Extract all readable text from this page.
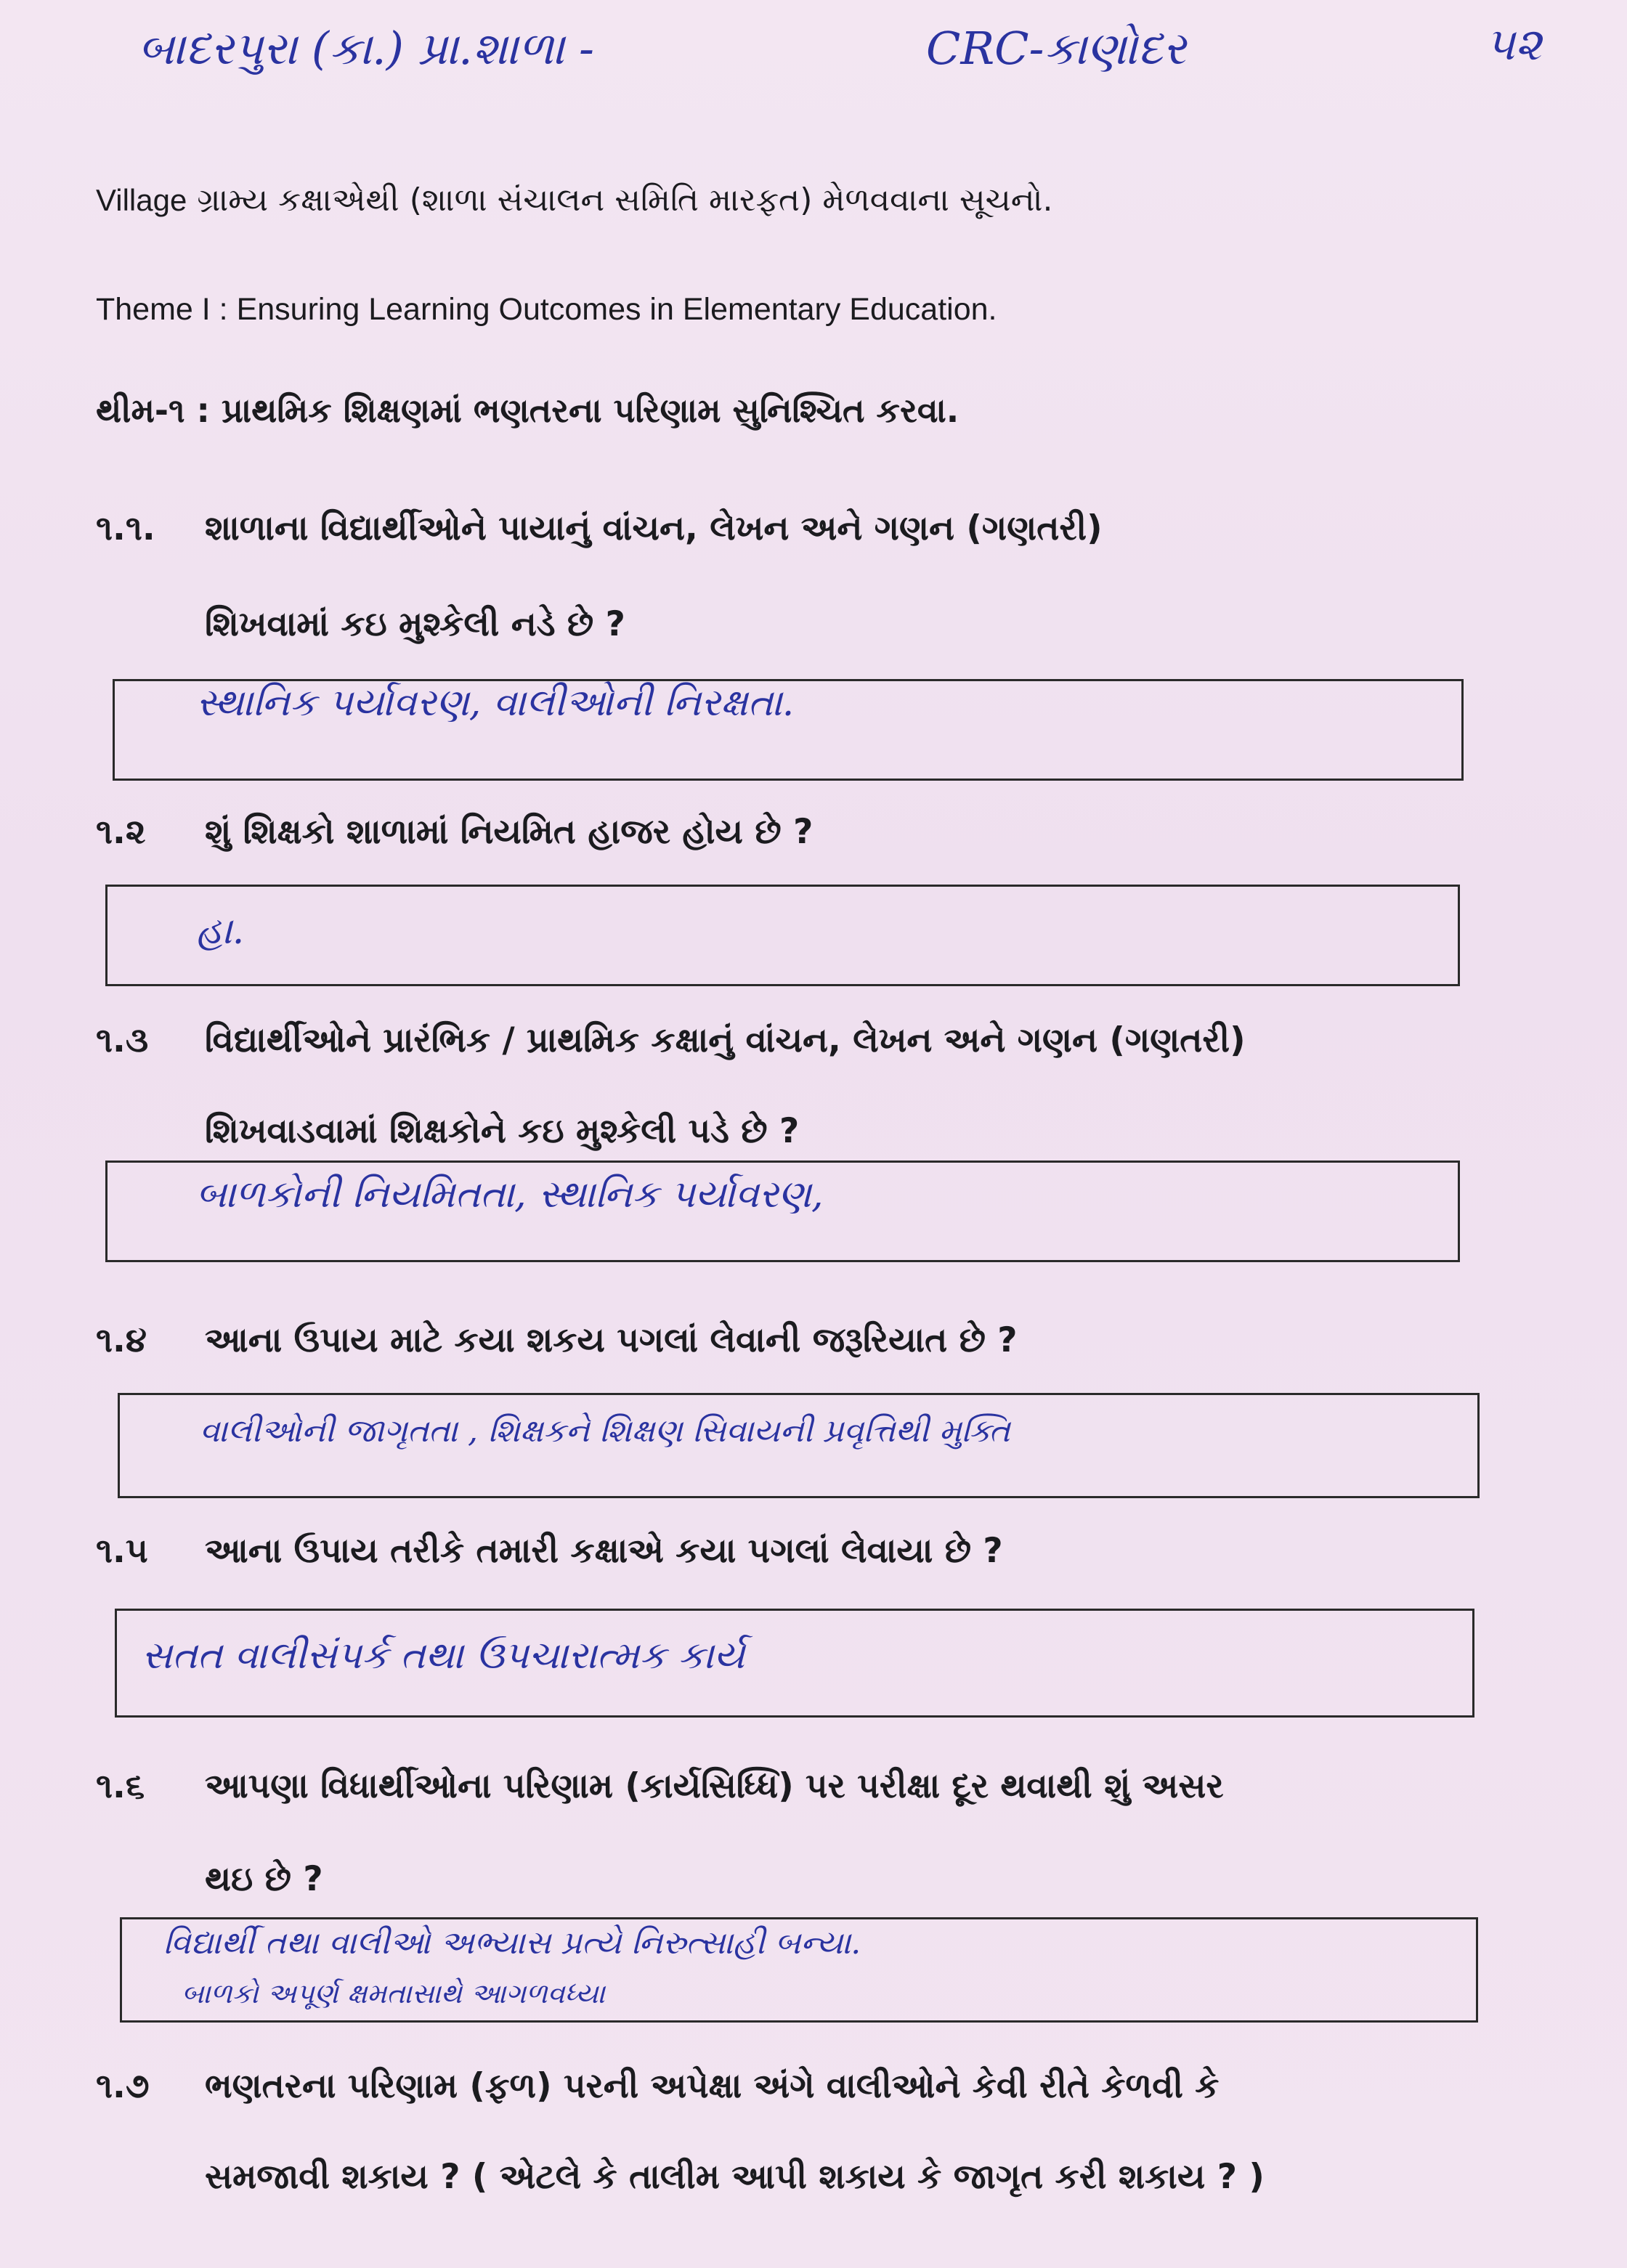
બાદરપુરા (કા.) પ્રા.શાળા -	CRC-કાણોદર	૫૨
Village ગ્રામ્ય કક્ષાએથી (શાળા સંચાલન સમિતિ મારફત) મેળવવાના સૂચનો.
Theme I : Ensuring Learning Outcomes in Elementary Education.
થીમ-૧ : પ્રાથમિક શિક્ષણમાં ભણતરના પરિણામ સુનિશ્ચિત કરવા.
૧.૧. શાળાના વિદ્યાર્થીઓને પાયાનું વાંચન, લેખન અને ગણન (ગણતરી)
શિખવામાં કઇ મુશ્કેલી નડે છે ?
સ્થાનિક પર્યાવરણ, વાલીઓની નિરક્ષતા.
૧.૨ શું શિક્ષકો શાળામાં નિયમિત હાજર હોય છે ?
હા.
૧.૩ વિદ્યાર્થીઓને પ્રારંભિક / પ્રાથમિક કક્ષાનું વાંચન, લેખન અને ગણન (ગણતરી)
શિખવાડવામાં શિક્ષકોને કઇ મુશ્કેલી પડે છે ?
બાળકોની નિયમિતતા, સ્થાનિક પર્યાવરણ,
૧.૪ આના ઉપાય માટે કયા શકય પગલાં લેવાની જરૂરિયાત છે ?
વાલીઓની જાગૃતતા , શિક્ષકને શિક્ષણ સિવાયની પ્રવૃત્તિથી મુક્તિ
૧.૫ આના ઉપાય તરીકે તમારી કક્ષાએ કયા પગલાં લેવાયા છે ?
સતત વાલીસંપર્ક તથા ઉપચારાત્મક કાર્ય
૧.૬ આપણા વિધાર્થીઓના પરિણામ (કાર્યસિધ્ધિ) પર પરીક્ષા દૂર થવાથી શું અસર
થઇ છે ?
વિદ્યાર્થી તથા વાલીઓ અભ્યાસ પ્રત્યે નિરુત્સાહી બન્યા.
બાળકો અપૂર્ણ ક્ષમતાસાથે આગળવધ્યા
૧.૭ ભણતરના પરિણામ (ફળ) પરની અપેક્ષા અંગે વાલીઓને કેવી રીતે કેળવી કે
સમજાવી શકાય ? ( એટલે કે તાલીમ આપી શકાય કે જાગૃત કરી શકાય ? )
